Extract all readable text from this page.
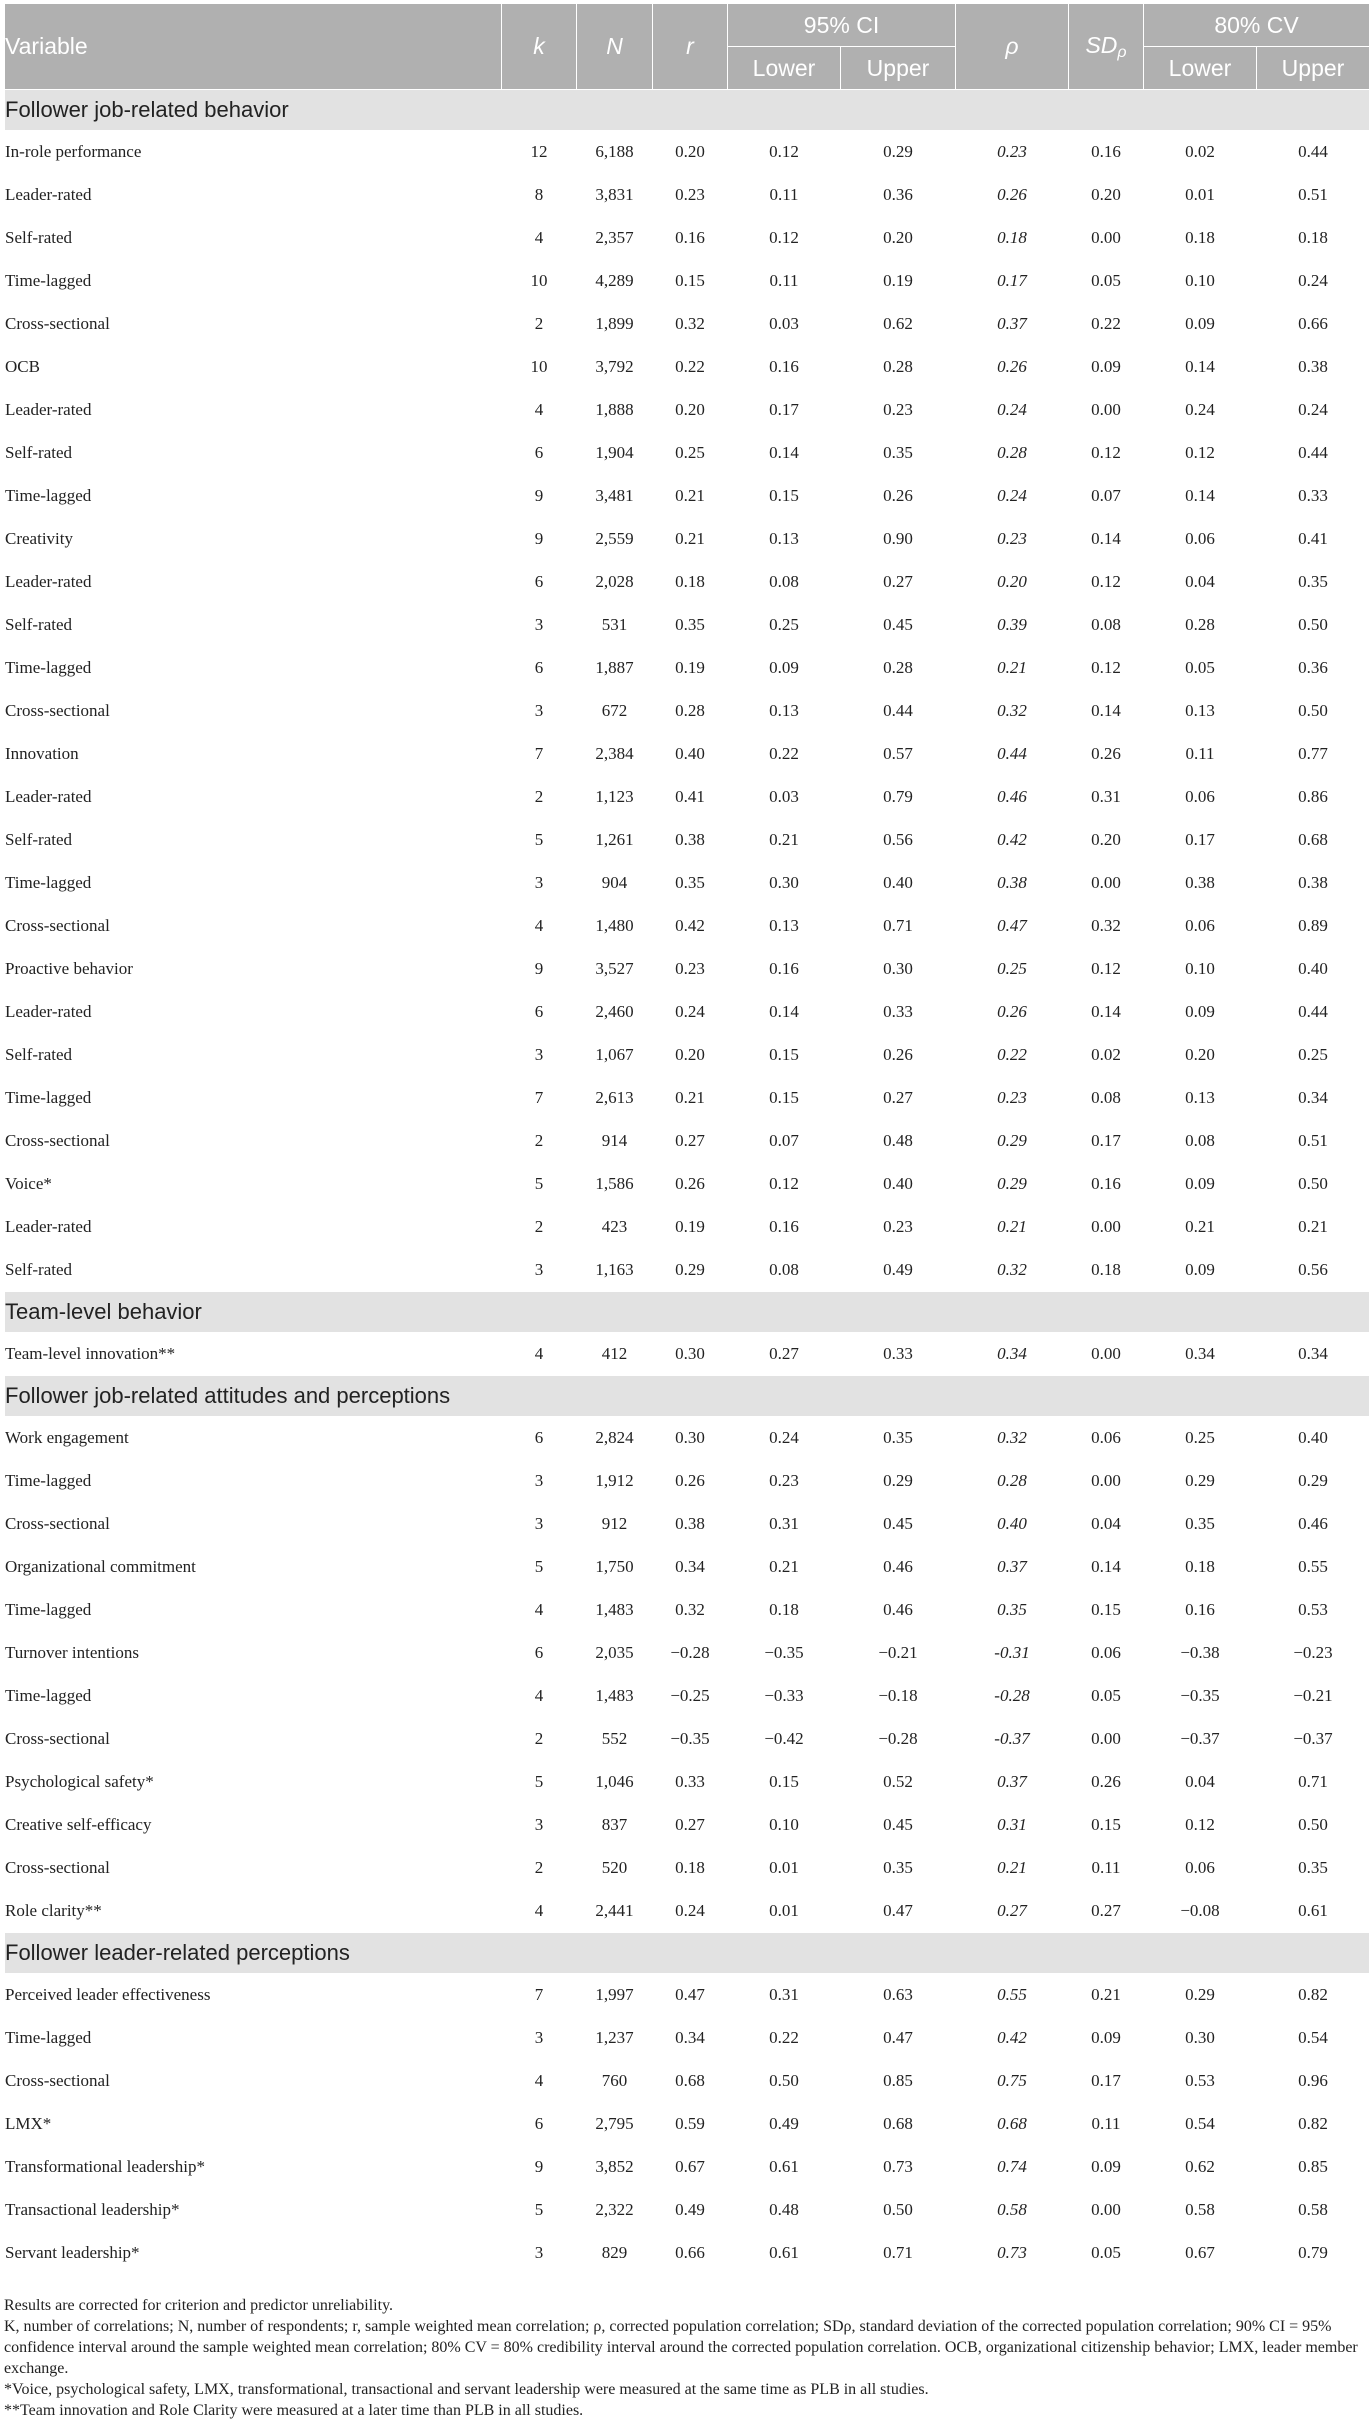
Variable	k	N	r	95% CI		ρ	SDρ	80% CV	
				Lower	Upper			Lower	Upper
Follower job-related behavior									
In-role performance	12	6,188	0.20	0.12	0.29	0.23	0.16	0.02	0.44
Leader-rated	8	3,831	0.23	0.11	0.36	0.26	0.20	0.01	0.51
Self-rated	4	2,357	0.16	0.12	0.20	0.18	0.00	0.18	0.18
Time-lagged	10	4,289	0.15	0.11	0.19	0.17	0.05	0.10	0.24
Cross-sectional	2	1,899	0.32	0.03	0.62	0.37	0.22	0.09	0.66
OCB	10	3,792	0.22	0.16	0.28	0.26	0.09	0.14	0.38
Leader-rated	4	1,888	0.20	0.17	0.23	0.24	0.00	0.24	0.24
Self-rated	6	1,904	0.25	0.14	0.35	0.28	0.12	0.12	0.44
Time-lagged	9	3,481	0.21	0.15	0.26	0.24	0.07	0.14	0.33
Creativity	9	2,559	0.21	0.13	0.90	0.23	0.14	0.06	0.41
Leader-rated	6	2,028	0.18	0.08	0.27	0.20	0.12	0.04	0.35
Self-rated	3	531	0.35	0.25	0.45	0.39	0.08	0.28	0.50
Time-lagged	6	1,887	0.19	0.09	0.28	0.21	0.12	0.05	0.36
Cross-sectional	3	672	0.28	0.13	0.44	0.32	0.14	0.13	0.50
Innovation	7	2,384	0.40	0.22	0.57	0.44	0.26	0.11	0.77
Leader-rated	2	1,123	0.41	0.03	0.79	0.46	0.31	0.06	0.86
Self-rated	5	1,261	0.38	0.21	0.56	0.42	0.20	0.17	0.68
Time-lagged	3	904	0.35	0.30	0.40	0.38	0.00	0.38	0.38
Cross-sectional	4	1,480	0.42	0.13	0.71	0.47	0.32	0.06	0.89
Proactive behavior	9	3,527	0.23	0.16	0.30	0.25	0.12	0.10	0.40
Leader-rated	6	2,460	0.24	0.14	0.33	0.26	0.14	0.09	0.44
Self-rated	3	1,067	0.20	0.15	0.26	0.22	0.02	0.20	0.25
Time-lagged	7	2,613	0.21	0.15	0.27	0.23	0.08	0.13	0.34
Cross-sectional	2	914	0.27	0.07	0.48	0.29	0.17	0.08	0.51
Voice*	5	1,586	0.26	0.12	0.40	0.29	0.16	0.09	0.50
Leader-rated	2	423	0.19	0.16	0.23	0.21	0.00	0.21	0.21
Self-rated	3	1,163	0.29	0.08	0.49	0.32	0.18	0.09	0.56
Team-level behavior									
Team-level innovation**	4	412	0.30	0.27	0.33	0.34	0.00	0.34	0.34
Follower job-related attitudes and perceptions									
Work engagement	6	2,824	0.30	0.24	0.35	0.32	0.06	0.25	0.40
Time-lagged	3	1,912	0.26	0.23	0.29	0.28	0.00	0.29	0.29
Cross-sectional	3	912	0.38	0.31	0.45	0.40	0.04	0.35	0.46
Organizational commitment	5	1,750	0.34	0.21	0.46	0.37	0.14	0.18	0.55
Time-lagged	4	1,483	0.32	0.18	0.46	0.35	0.15	0.16	0.53
Turnover intentions	6	2,035	−0.28	−0.35	−0.21	-0.31	0.06	−0.38	−0.23
Time-lagged	4	1,483	−0.25	−0.33	−0.18	-0.28	0.05	−0.35	−0.21
Cross-sectional	2	552	−0.35	−0.42	−0.28	-0.37	0.00	−0.37	−0.37
Psychological safety*	5	1,046	0.33	0.15	0.52	0.37	0.26	0.04	0.71
Creative self-efficacy	3	837	0.27	0.10	0.45	0.31	0.15	0.12	0.50
Cross-sectional	2	520	0.18	0.01	0.35	0.21	0.11	0.06	0.35
Role clarity**	4	2,441	0.24	0.01	0.47	0.27	0.27	−0.08	0.61
Follower leader-related perceptions									
Perceived leader effectiveness	7	1,997	0.47	0.31	0.63	0.55	0.21	0.29	0.82
Time-lagged	3	1,237	0.34	0.22	0.47	0.42	0.09	0.30	0.54
Cross-sectional	4	760	0.68	0.50	0.85	0.75	0.17	0.53	0.96
LMX*	6	2,795	0.59	0.49	0.68	0.68	0.11	0.54	0.82
Transformational leadership*	9	3,852	0.67	0.61	0.73	0.74	0.09	0.62	0.85
Transactional leadership*	5	2,322	0.49	0.48	0.50	0.58	0.00	0.58	0.58
Servant leadership*	3	829	0.66	0.61	0.71	0.73	0.05	0.67	0.79

Results are corrected for criterion and predictor unreliability.

K, number of correlations; N, number of respondents; r, sample weighted mean correlation; ρ, corrected population correlation; SDρ, standard deviation of the corrected population correlation; 90% CI = 95% confidence interval around the sample weighted mean correlation; 80% CV = 80% credibility interval around the corrected population correlation. OCB, organizational citizenship behavior; LMX, leader member exchange.

*Voice, psychological safety, LMX, transformational, transactional and servant leadership were measured at the same time as PLB in all studies.

**Team innovation and Role Clarity were measured at a later time than PLB in all studies.
